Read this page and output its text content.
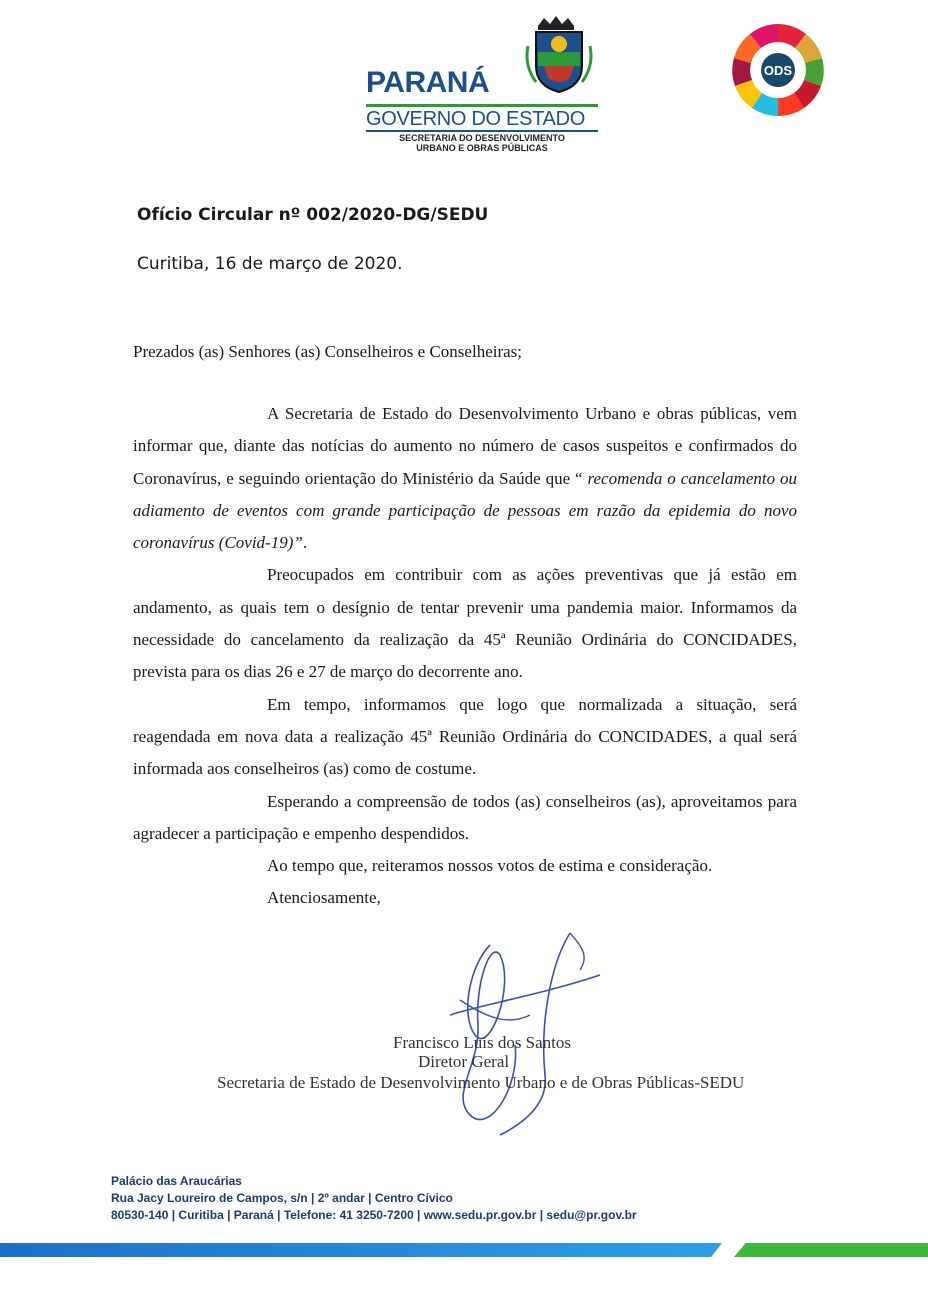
PARANÁ
GOVERNO DO ESTADO
SECRETARIA DO DESENVOLVIMENTO
URBANO E OBRAS PÚBLICAS
ODS
Ofício Circular nº 002/2020-DG/SEDU
Curitiba, 16 de março de 2020.
Prezados (as) Senhores (as) Conselheiros e Conselheiras;

A Secretaria de Estado do Desenvolvimento Urbano e obras públicas, vem informar que, diante das notícias do aumento no número de casos suspeitos e confirmados do Coronavírus, e seguindo orientação do Ministério da Saúde que “ recomenda o cancelamento ou adiamento de eventos com grande participação de pessoas em razão da epidemia do novo coronavírus (Covid-19)”.

Preocupados em contribuir com as ações preventivas que já estão em andamento, as quais tem o desígnio de tentar prevenir uma pandemia maior. Informamos da necessidade do cancelamento da realização da 45ª Reunião Ordinária do CONCIDADES, prevista para os dias 26 e 27 de março do decorrente ano.

Em tempo, informamos que logo que normalizada a situação, será reagendada em nova data a realização 45ª Reunião Ordinária do CONCIDADES, a qual será informada aos conselheiros (as) como de costume.

Esperando a compreensão de todos (as) conselheiros (as), aproveitamos para agradecer a participação e empenho despendidos.

Ao tempo que, reiteramos nossos votos de estima e consideração.
Atenciosamente,
Francisco Luis dos Santos
Diretor Geral
Secretaria de Estado de Desenvolvimento Urbano e de Obras Públicas-SEDU
Palácio das Araucárias
Rua Jacy Loureiro de Campos, s/n | 2º andar | Centro Cívico
80530-140 | Curitiba | Paraná | Telefone: 41 3250-7200 | www.sedu.pr.gov.br | sedu@pr.gov.br
